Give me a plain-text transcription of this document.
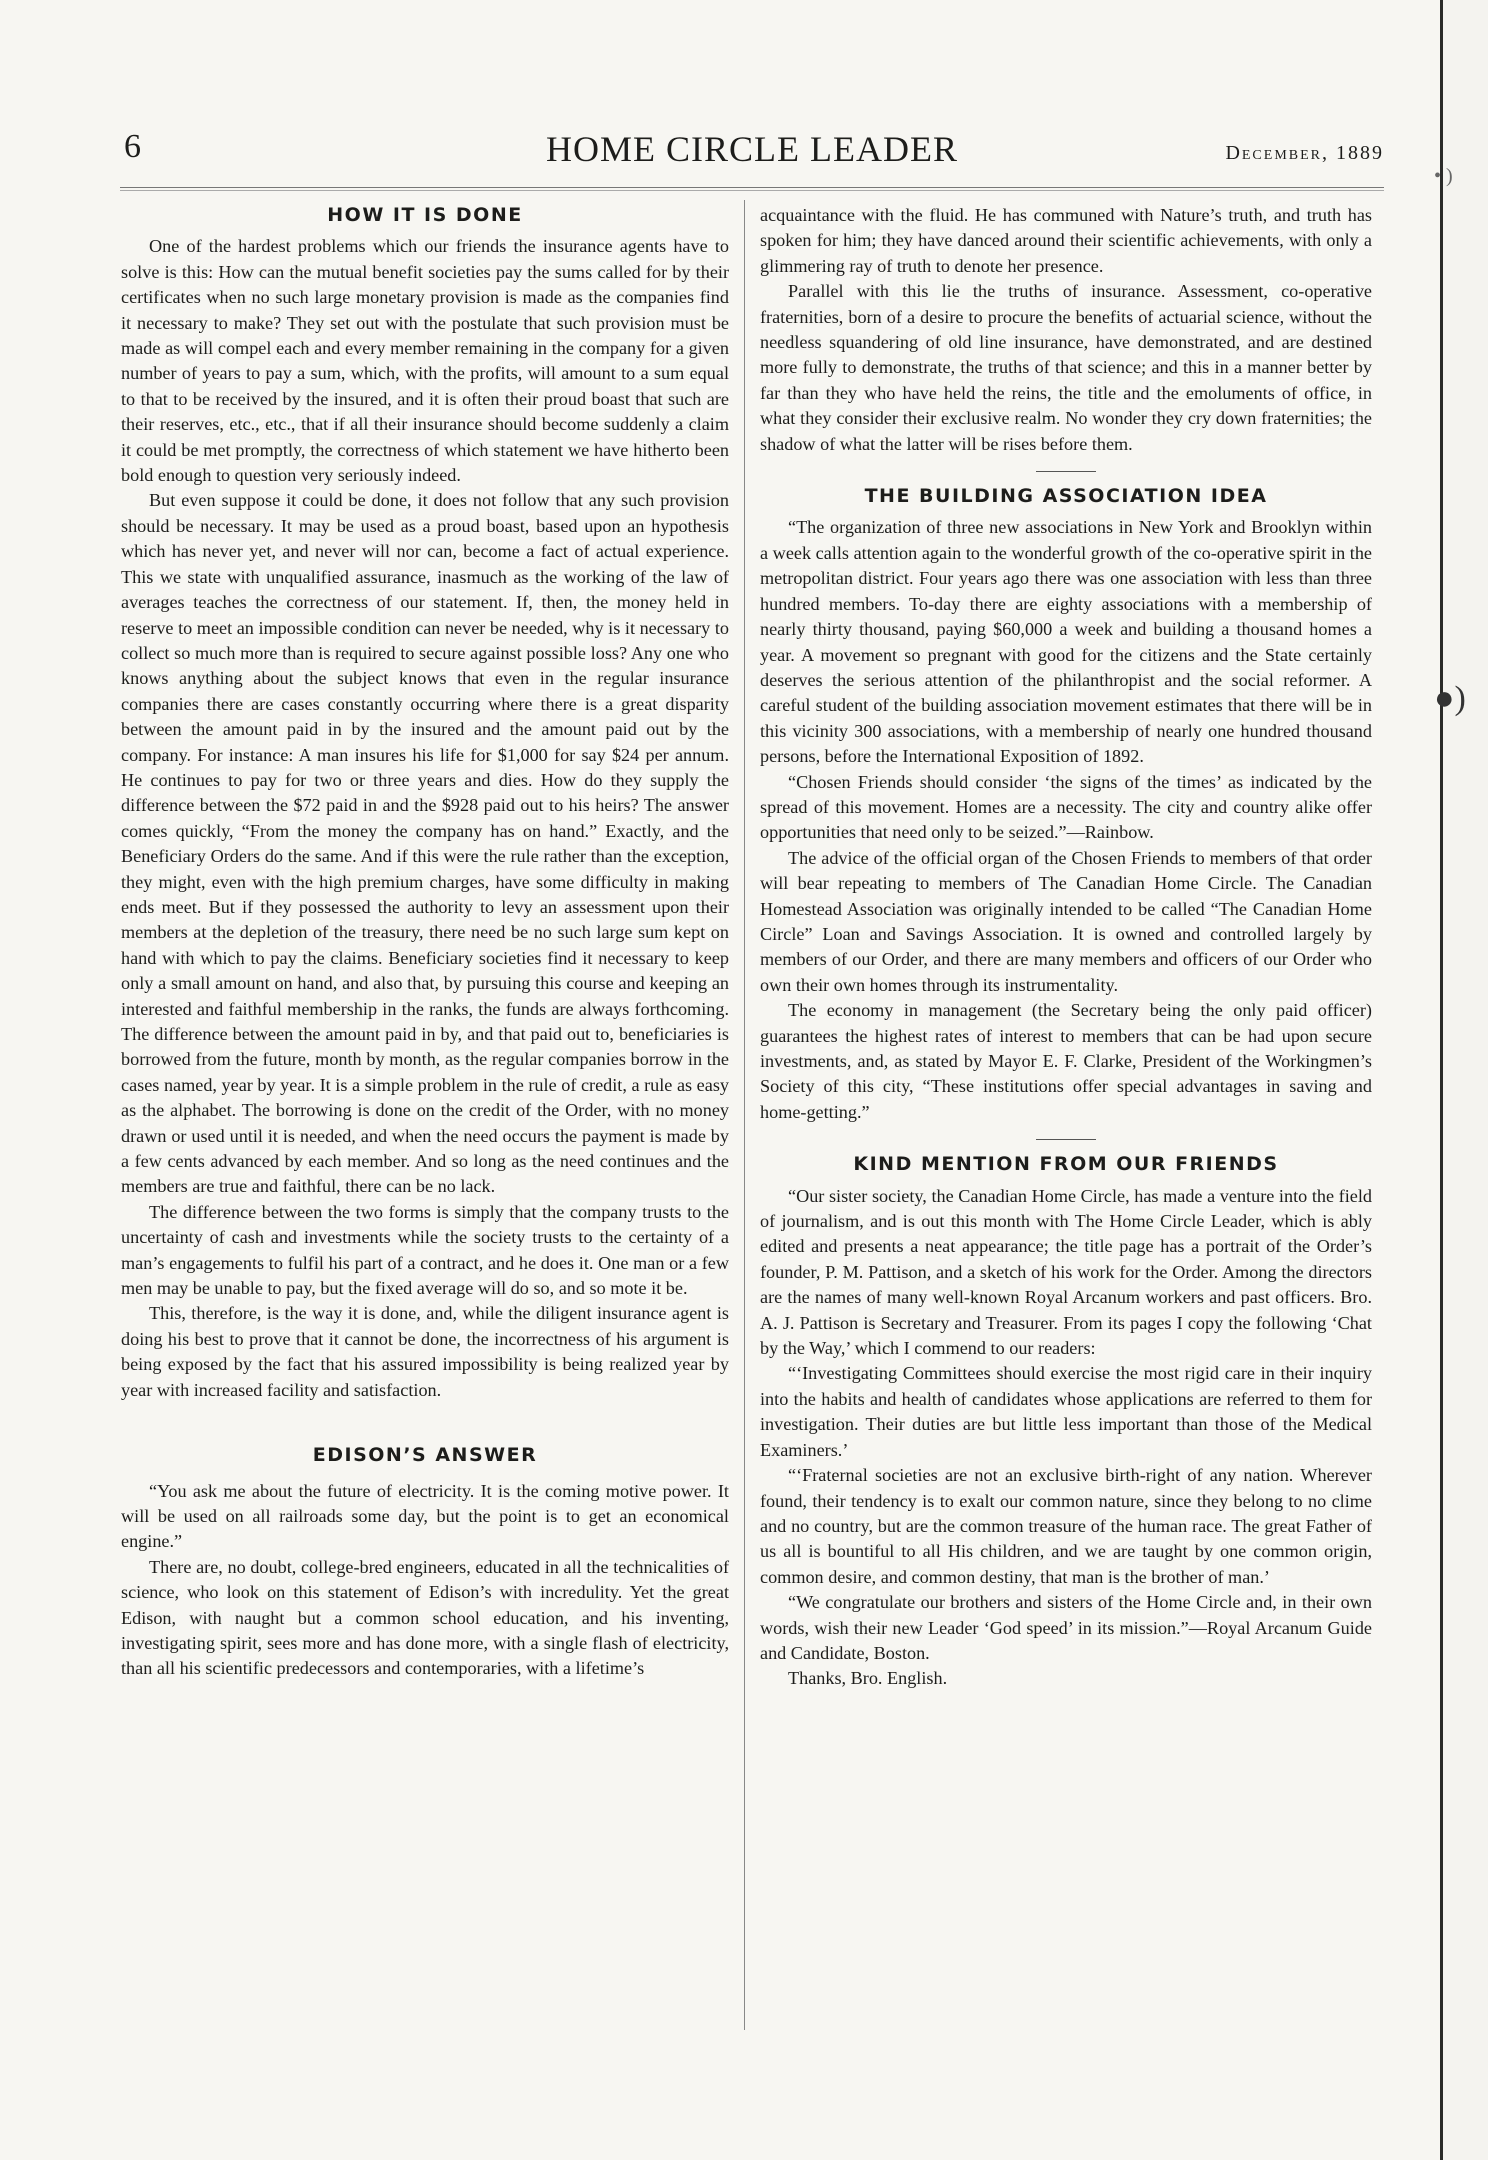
6	HOME CIRCLE LEADER	December, 1889
HOW IT IS DONE

One of the hardest problems which our friends the insurance agents have to solve is this: How can the mutual benefit societies pay the sums called for by their certificates when no such large monetary provision is made as the companies find it necessary to make? They set out with the postulate that such provision must be made as will compel each and every member remaining in the company for a given number of years to pay a sum, which, with the profits, will amount to a sum equal to that to be received by the insured, and it is often their proud boast that such are their reserves, etc., etc., that if all their insurance should become suddenly a claim it could be met promptly, the correctness of which statement we have hitherto been bold enough to question very seriously indeed.

But even suppose it could be done, it does not follow that any such provision should be necessary. It may be used as a proud boast, based upon an hypothesis which has never yet, and never will nor can, become a fact of actual experience. This we state with unqualified assurance, inasmuch as the working of the law of averages teaches the correctness of our statement. If, then, the money held in reserve to meet an impossible condition can never be needed, why is it necessary to collect so much more than is required to secure against possible loss? Any one who knows anything about the subject knows that even in the regular insurance companies there are cases constantly occurring where there is a great disparity between the amount paid in by the insured and the amount paid out by the company. For instance: A man insures his life for $1,000 for say $24 per annum. He continues to pay for two or three years and dies. How do they supply the difference between the $72 paid in and the $928 paid out to his heirs? The answer comes quickly, “From the money the company has on hand.” Exactly, and the Beneficiary Orders do the same. And if this were the rule rather than the exception, they might, even with the high premium charges, have some difficulty in making ends meet. But if they possessed the authority to levy an assessment upon their members at the depletion of the treasury, there need be no such large sum kept on hand with which to pay the claims. Beneficiary societies find it necessary to keep only a small amount on hand, and also that, by pursuing this course and keeping an interested and faithful membership in the ranks, the funds are always forthcoming. The difference between the amount paid in by, and that paid out to, beneficiaries is borrowed from the future, month by month, as the regular companies borrow in the cases named, year by year. It is a simple problem in the rule of credit, a rule as easy as the alphabet. The borrowing is done on the credit of the Order, with no money drawn or used until it is needed, and when the need occurs the payment is made by a few cents advanced by each member. And so long as the need continues and the members are true and faithful, there can be no lack.

The difference between the two forms is simply that the company trusts to the uncertainty of cash and investments while the society trusts to the certainty of a man’s engagements to fulfil his part of a contract, and he does it. One man or a few men may be unable to pay, but the fixed average will do so, and so mote it be.

This, therefore, is the way it is done, and, while the diligent insurance agent is doing his best to prove that it cannot be done, the incorrectness of his argument is being exposed by the fact that his assured impossibility is being realized year by year with increased facility and satisfaction.

EDISON’S ANSWER

“You ask me about the future of electricity. It is the coming motive power. It will be used on all railroads some day, but the point is to get an economical engine.”

There are, no doubt, college-bred engineers, educated in all the technicalities of science, who look on this statement of Edison’s with incredulity. Yet the great Edison, with naught but a common school education, and his inventing, investigating spirit, sees more and has done more, with a single flash of electricity, than all his scientific predecessors and contemporaries, with a lifetime’s

acquaintance with the fluid. He has communed with Nature’s truth, and truth has spoken for him; they have danced around their scientific achievements, with only a glimmering ray of truth to denote her presence.

Parallel with this lie the truths of insurance. Assessment, co-operative fraternities, born of a desire to procure the benefits of actuarial science, without the needless squandering of old line insurance, have demonstrated, and are destined more fully to demonstrate, the truths of that science; and this in a manner better by far than they who have held the reins, the title and the emoluments of office, in what they consider their exclusive realm. No wonder they cry down fraternities; the shadow of what the latter will be rises before them.

THE BUILDING ASSOCIATION IDEA

“The organization of three new associations in New York and Brooklyn within a week calls attention again to the wonderful growth of the co-operative spirit in the metropolitan district. Four years ago there was one association with less than three hundred members. To-day there are eighty associations with a membership of nearly thirty thousand, paying $60,000 a week and building a thousand homes a year. A movement so pregnant with good for the citizens and the State certainly deserves the serious attention of the philanthropist and the social reformer. A careful student of the building association movement estimates that there will be in this vicinity 300 associations, with a membership of nearly one hundred thousand persons, before the International Exposition of 1892.

“Chosen Friends should consider ‘the signs of the times’ as indicated by the spread of this movement. Homes are a necessity. The city and country alike offer opportunities that need only to be seized.”—Rainbow.

The advice of the official organ of the Chosen Friends to members of that order will bear repeating to members of The Canadian Home Circle. The Canadian Homestead Association was originally intended to be called “The Canadian Home Circle” Loan and Savings Association. It is owned and controlled largely by members of our Order, and there are many members and officers of our Order who own their own homes through its instrumentality.

The economy in management (the Secretary being the only paid officer) guarantees the highest rates of interest to members that can be had upon secure investments, and, as stated by Mayor E. F. Clarke, President of the Workingmen’s Society of this city, “These institutions offer special advantages in saving and home-getting.”

KIND MENTION FROM OUR FRIENDS

“Our sister society, the Canadian Home Circle, has made a venture into the field of journalism, and is out this month with The Home Circle Leader, which is ably edited and presents a neat appearance; the title page has a portrait of the Order’s founder, P. M. Pattison, and a sketch of his work for the Order. Among the directors are the names of many well-known Royal Arcanum workers and past officers. Bro. A. J. Pattison is Secretary and Treasurer. From its pages I copy the following ‘Chat by the Way,’ which I commend to our readers:

“‘Investigating Committees should exercise the most rigid care in their inquiry into the habits and health of candidates whose applications are referred to them for investigation. Their duties are but little less important than those of the Medical Examiners.’

“‘Fraternal societies are not an exclusive birth-right of any nation. Wherever found, their tendency is to exalt our common nature, since they belong to no clime and no country, but are the common treasure of the human race. The great Father of us all is bountiful to all His children, and we are taught by one common origin, common desire, and common destiny, that man is the brother of man.’

“We congratulate our brothers and sisters of the Home Circle and, in their own words, wish their new Leader ‘God speed’ in its mission.”—Royal Arcanum Guide and Candidate, Boston.

Thanks, Bro. English.

●)
• )
